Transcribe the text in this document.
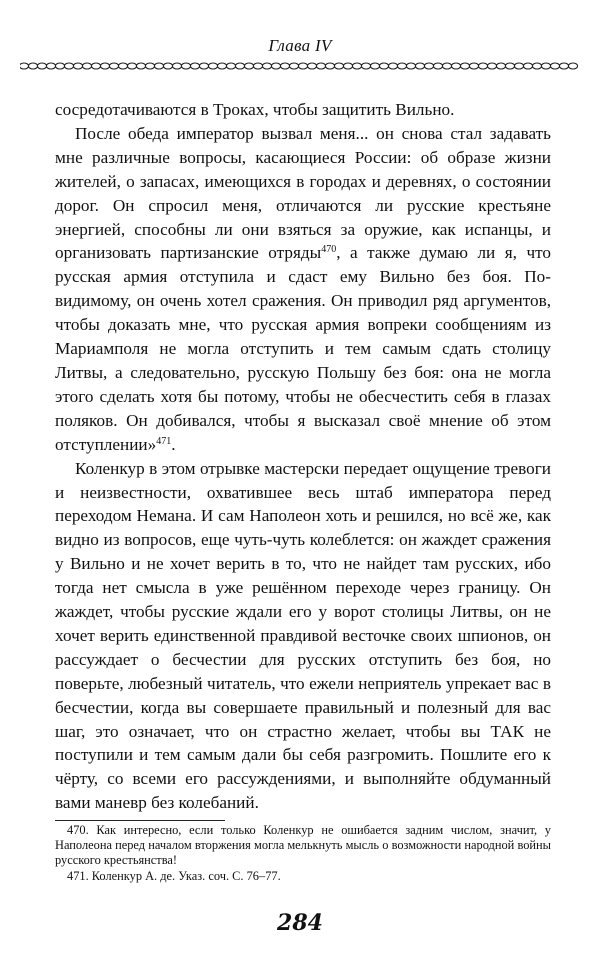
Глава IV

сосредотачиваются в Троках, чтобы защитить Вильно.

После обеда император вызвал меня... он снова стал задавать мне различные вопросы, касающиеся России: об образе жизни жителей, о запасах, имеющихся в городах и деревнях, о состоянии дорог. Он спросил меня, отличаются ли русские крестьяне энергией, способны ли они взяться за оружие, как испанцы, и организовать партизанские отряды$^{470}$, а также думаю ли я, что русская армия отступила и сдаст ему Вильно без боя. По-видимому, он очень хотел сражения. Он приводил ряд аргументов, чтобы доказать мне, что русская армия вопреки сообщениям из Мариамполя не могла отступить и тем самым сдать столицу Литвы, а следовательно, русскую Польшу без боя: она не могла этого сделать хотя бы потому, чтобы не обесчестить себя в глазах поляков. Он добивался, чтобы я высказал своё мнение об этом отступлении»$^{471}$.

Коленкур в этом отрывке мастерски передает ощущение тревоги и неизвестности, охватившее весь штаб императора перед переходом Немана. И сам Наполеон хоть и решился, но всё же, как видно из вопросов, еще чуть-чуть колеблется: он жаждет сражения у Вильно и не хочет верить в то, что не найдет там русских, ибо тогда нет смысла в уже решённом переходе через границу. Он жаждет, чтобы русские ждали его у ворот столицы Литвы, он не хочет верить единственной правдивой весточке своих шпионов, он рассуждает о бесчестии для русских отступить без боя, но поверьте, любезный читатель, что ежели неприятель упрекает вас в бесчестии, когда вы совершаете правильный и полезный для вас шаг, это означает, что он страстно желает, чтобы вы ТАК не поступили и тем самым дали бы себя разгромить. Пошлите его к чёрту, со всеми его рассуждениями, и выполняйте обдуманный вами маневр без колебаний.

470. Как интересно, если только Коленкур не ошибается задним числом, значит, у Наполеона перед началом вторжения могла мелькнуть мысль о возможности народной войны русского крестьянства!

471. Коленкур А. де. Указ. соч. С. 76–77.

284
